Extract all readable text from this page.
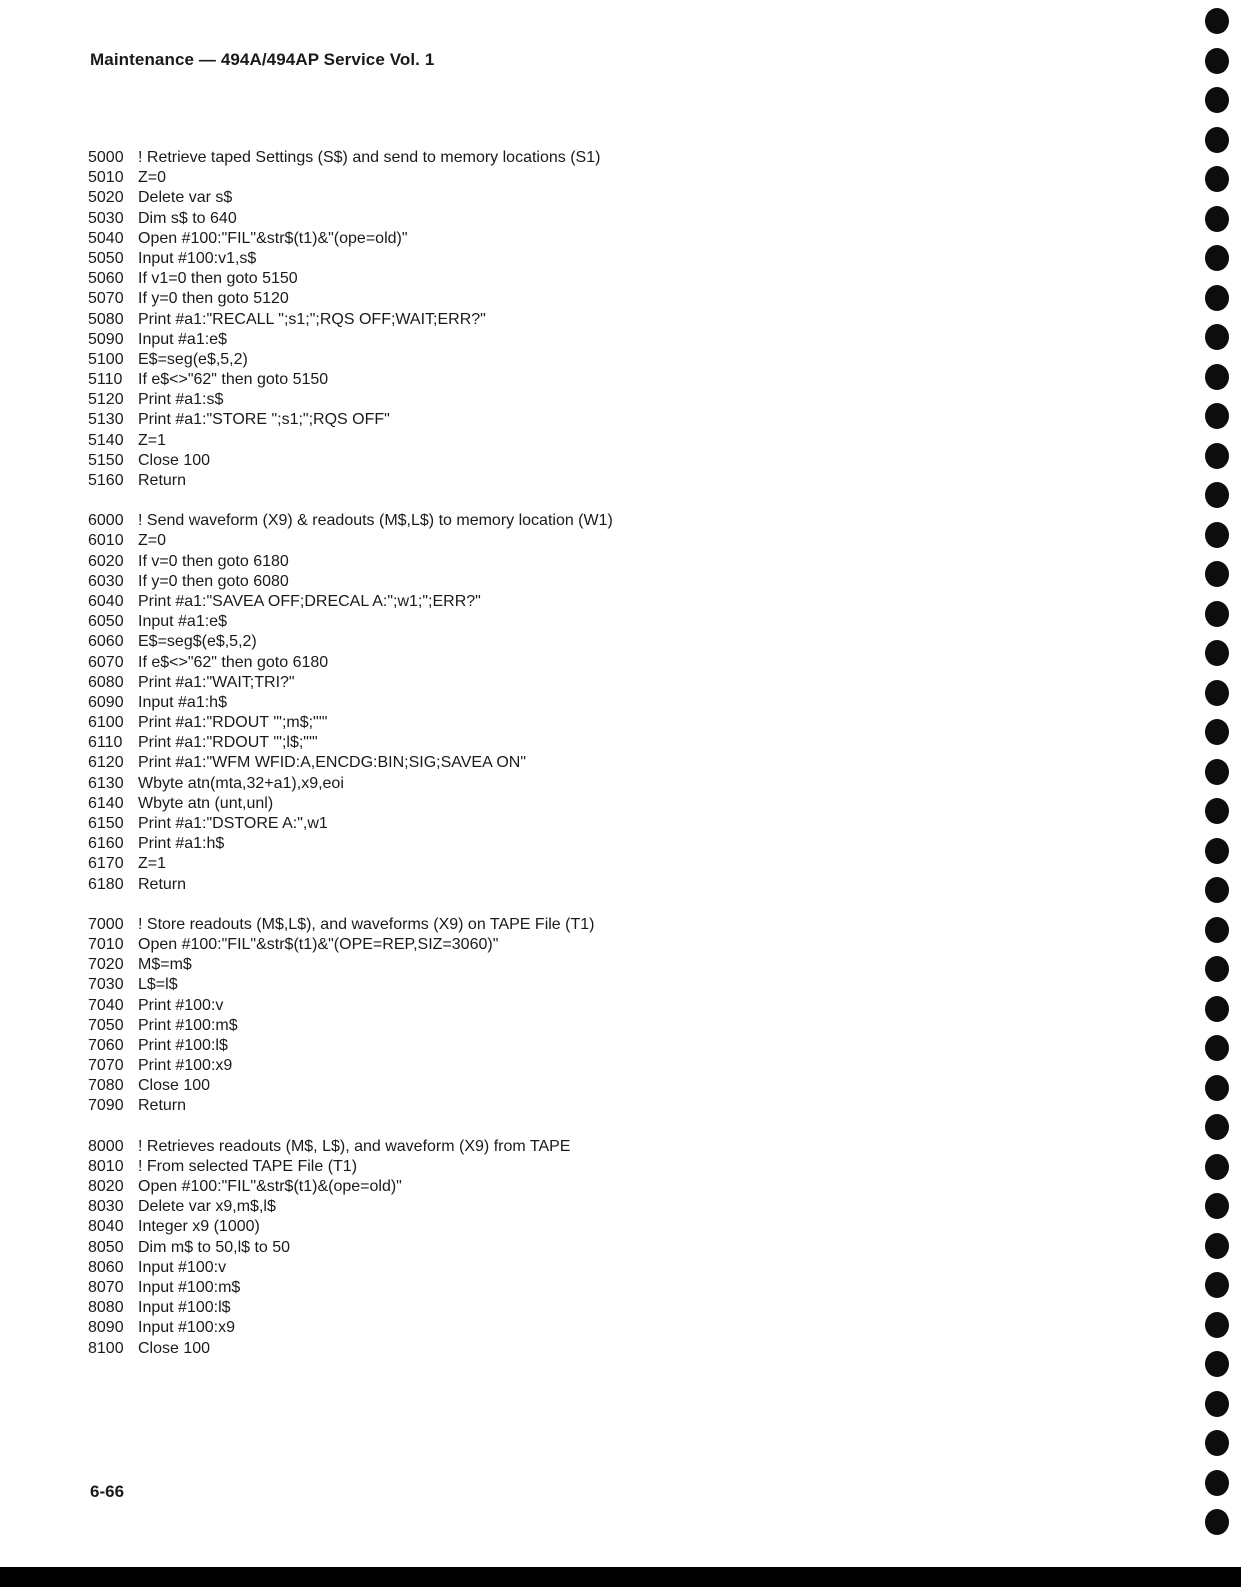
Maintenance — 494A/494AP Service Vol. 1
5000 ! Retrieve taped Settings (S$) and send to memory locations (S1)
5010 Z=0
5020 Delete var s$
5030 Dim s$ to 640
5040 Open #100:"FIL"&str$(t1)&"(ope=old)"
5050 Input #100:v1,s$
5060 If v1=0 then goto 5150
5070 If y=0 then goto 5120
5080 Print #a1:"RECALL ";s1;";RQS OFF;WAIT;ERR?"
5090 Input #a1:e$
5100 E$=seg(e$,5,2)
5110 If e$<>"62" then goto 5150
5120 Print #a1:s$
5130 Print #a1:"STORE ";s1;";RQS OFF"
5140 Z=1
5150 Close 100
5160 Return
6000 ! Send waveform (X9) & readouts (M$,L$) to memory location (W1)
6010 Z=0
6020 If v=0 then goto 6180
6030 If y=0 then goto 6080
6040 Print #a1:"SAVEA OFF;DRECAL A:";w1;";ERR?"
6050 Input #a1:e$
6060 E$=seg$(e$,5,2)
6070 If e$<>"62" then goto 6180
6080 Print #a1:"WAIT;TRI?"
6090 Input #a1:h$
6100 Print #a1:"RDOUT '";m$;"'"
6110 Print #a1:"RDOUT '";l$;"'"
6120 Print #a1:"WFM WFID:A,ENCDG:BIN;SIG;SAVEA ON"
6130 Wbyte atn(mta,32+a1),x9,eoi
6140 Wbyte atn (unt,unl)
6150 Print #a1:"DSTORE A:",w1
6160 Print #a1:h$
6170 Z=1
6180 Return
7000 ! Store readouts (M$,L$), and waveforms (X9) on TAPE File (T1)
7010 Open #100:"FIL"&str$(t1)&"(OPE=REP,SIZ=3060)"
7020 M$=m$
7030 L$=l$
7040 Print #100:v
7050 Print #100:m$
7060 Print #100:l$
7070 Print #100:x9
7080 Close 100
7090 Return
8000 ! Retrieves readouts (M$, L$), and waveform (X9) from TAPE
8010 ! From selected TAPE File (T1)
8020 Open #100:"FIL"&str$(t1)&(ope=old)"
8030 Delete var x9,m$,l$
8040 Integer x9 (1000)
8050 Dim m$ to 50,l$ to 50
8060 Input #100:v
8070 Input #100:m$
8080 Input #100:l$
8090 Input #100:x9
8100 Close 100
6-66
